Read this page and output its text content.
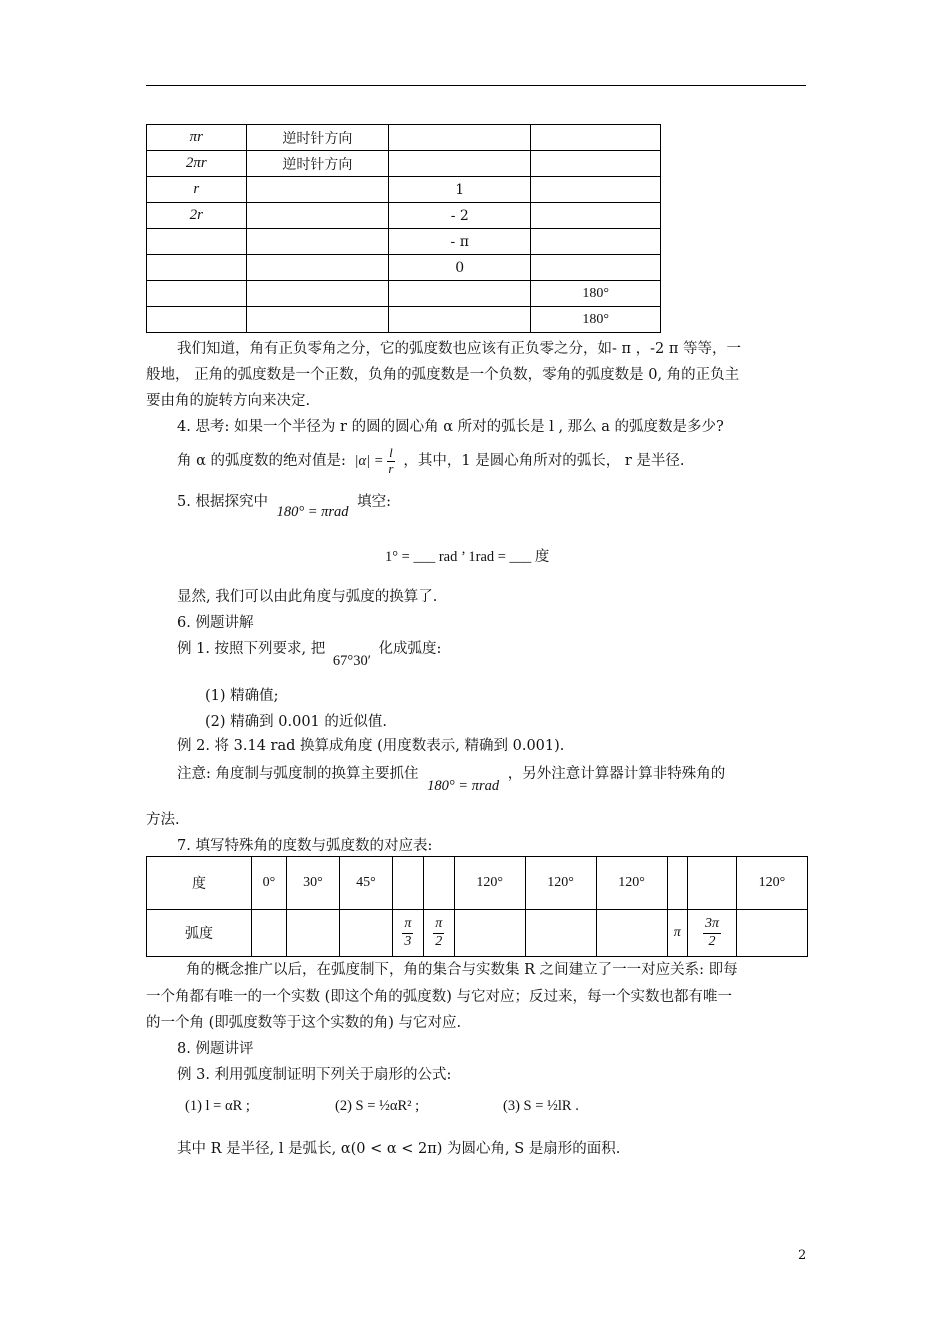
πr	逆时针方向		
2πr	逆时针方向		
r		1	
2r		- 2	
		- π	
		0	
			180°
			180°
我们知道，角有正负零角之分，它的弧度数也应该有正负零之分，如- π ，-2 π 等等，一
般地， 正角的弧度数是一个正数，负角的弧度数是一个负数，零角的弧度数是 0, 角的正负主
要由角的旋转方向来决定.
4. 思考: 如果一个半径为 r 的圆的圆心角 α 所对的弧长是 l , 那么 a 的弧度数是多少?
角 α 的弧度数的绝对值是: $|\alpha| = \frac{l}{r}$ ，其中，1 是圆心角所对的弧长， r 是半径.
5. 根据探究中 180° = πrad 填空:
1° = ___ rad ’ 1rad = ___ 度
显然, 我们可以由此角度与弧度的换算了.
6. 例题讲解
例 1. 按照下列要求, 把 67°30′ 化成弧度:
(1) 精确值;
(2) 精确到 0.001 的近似值.
例 2. 将 3.14 rad 换算成角度 (用度数表示, 精确到 0.001).
注意: 角度制与弧度制的换算主要抓住 180° = πrad ，另外注意计算器计算非特殊角的
方法.
7. 填写特殊角的度数与弧度数的对应表:
度	0°	30°	45°			120°	120°	120°			120°
弧度				$\frac{\pi}{3}$	$\frac{\pi}{2}$				π	$\frac{3\pi}{2}$

角的概念推广以后，在弧度制下，角的集合与实数集 R 之间建立了一一对应关系: 即每
一个角都有唯一的一个实数 (即这个角的弧度数) 与它对应；反过来，每一个实数也都有唯一
的一个角 (即弧度数等于这个实数的角) 与它对应.
8. 例题讲评
例 3. 利用弧度制证明下列关于扇形的公式:
(1) l = αR ;	(2) S = ½αR² ;	(3) S = ½lR .
其中 R 是半径, l 是弧长, α(0 < α < 2π) 为圆心角, S 是扇形的面积.
2
